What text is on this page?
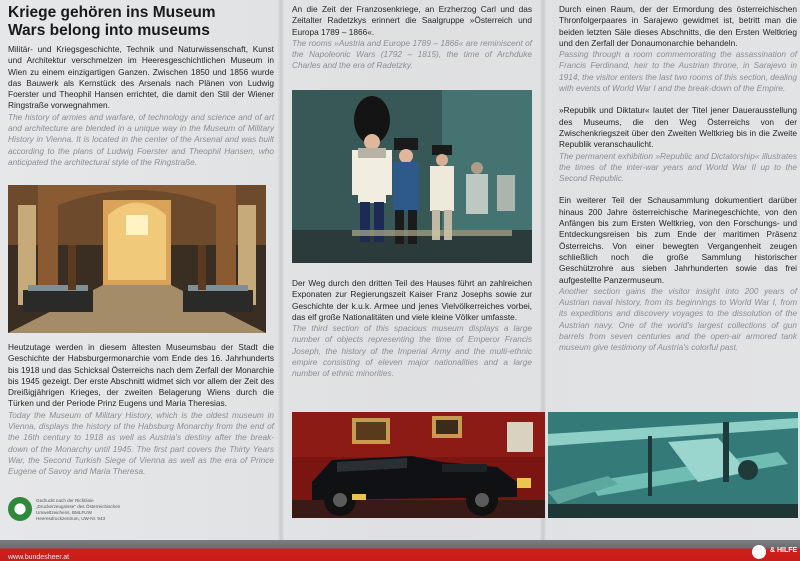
Kriege gehören ins Museum
Wars belong into museums

Militär- und Kriegsgeschichte, Technik und Naturwissenschaft, Kunst und Architektur verschmelzen im Heeresgeschichtlichen Museum in Wien zu einem einzigartigen Ganzen. Zwischen 1850 und 1856 wurde das Bauwerk als Kernstück des Arsenals nach Plänen von Ludwig Foerster und Theophil Hansen errichtet, die damit den Stil der Wiener Ringstraße vorwegnahmen.

The history of armies and warfare, of technology and science and of art and architecture are blended in a unique way in the Museum of Military History in Vienna. It is located in the center of the Arsenal and was built according to the plans of Ludwig Foerster and Theophil Hansen, who anticipated the architectural style of the Ringstraße.

Heutzutage werden in diesem ältesten Museumsbau der Stadt die Geschichte der Habsburgermonarchie vom Ende des 16. Jahrhunderts bis 1918 und das Schicksal Österreichs nach dem Zerfall der Monarchie bis 1945 gezeigt. Der erste Abschnitt widmet sich vor allem der Zeit des Dreißigjährigen Krieges, der zweiten Belagerung Wiens durch die Türken und der Periode Prinz Eugens und Maria Theresias.

Today the Museum of Military History, which is the oldest museum in Vienna, displays the history of the Habsburg Monarchy from the end of the 16th century to 1918 as well as Austria's destiny after the break-down of the Monarchy until 1945. The first part covers the Thirty Years War, the Second Turkish Siege of Vienna as well as the era of Prince Eugene of Savoy and Maria Theresa.

Gedruckt nach der Richtlinie „Druckerzeugnisse" des Österreichischen Umweltzeichens, BMLFUW Heeresdruckzentrum, UW-Nr. 943

An die Zeit der Franzosenkriege, an Erzherzog Carl und das Zeitalter Radetzkys erinnert die Saalgruppe »Österreich und Europa 1789 – 1866«.

The rooms »Austria and Europe 1789 – 1866« are reminiscent of the Napoleonic Wars (1792 – 1815), the time of Archduke Charles and the era of Radetzky.

Der Weg durch den dritten Teil des Hauses führt an zahlreichen Exponaten zur Regierungszeit Kaiser Franz Josephs sowie zur Geschichte der k.u.k. Armee und jenes Vielvölkerreiches vorbei, das elf große Nationalitäten und viele kleine Völker umfasste.

The third section of this spacious museum displays a large number of objects representing the time of Emperor Francis Joseph, the history of the Imperial Army and the multi-ethnic empire consisting of eleven major nationalities and a large number of ethnic minorities.

Durch einen Raum, der der Ermordung des österreichischen Thronfolgerpaares in Sarajewo gewidmet ist, betritt man die beiden letzten Säle dieses Abschnitts, die den Ersten Weltkrieg und den Zerfall der Donaumonarchie behandeln.

Passing through a room commemorating the assassination of Francis Ferdinand, heir to the Austrian throne, in Sarajevo in 1914, the visitor enters the last two rooms of this section, dealing with events of World War I and the break-down of the Empire.

»Republik und Diktatur« lautet der Titel jener Dauerausstellung des Museums, die den Weg Österreichs von der Zwischenkriegszeit über den Zweiten Weltkrieg bis in die Zweite Republik veranschaulicht.

The permanent exhibition »Republic and Dictatorship« illustrates the times of the inter-war years and World War II up to the Second Republic.

Ein weiterer Teil der Schausammlung dokumentiert darüber hinaus 200 Jahre österreichische Marinegeschichte, von den Anfängen bis zum Ersten Weltkrieg, von den Forschungs- und Entdeckungsreisen bis zum Ende der maritimen Präsenz Österreichs. Von einer bewegten Vergangenheit zeugen schließlich noch die große Sammlung historischer Geschützrohre aus sieben Jahrhunderten sowie das frei aufgestellte Panzermuseum.

Another section gains the visitor insight into 200 years of Austrian naval history, from its beginnings to World War I, from its expeditions and discovery voyages to the dissolution of the Austrian navy. One of the world's largest collections of gun barrels from seven centuries and the open-air armored tank museum give testimony of Austria's colorful past.

www.bundesheer.at
& HILFE
